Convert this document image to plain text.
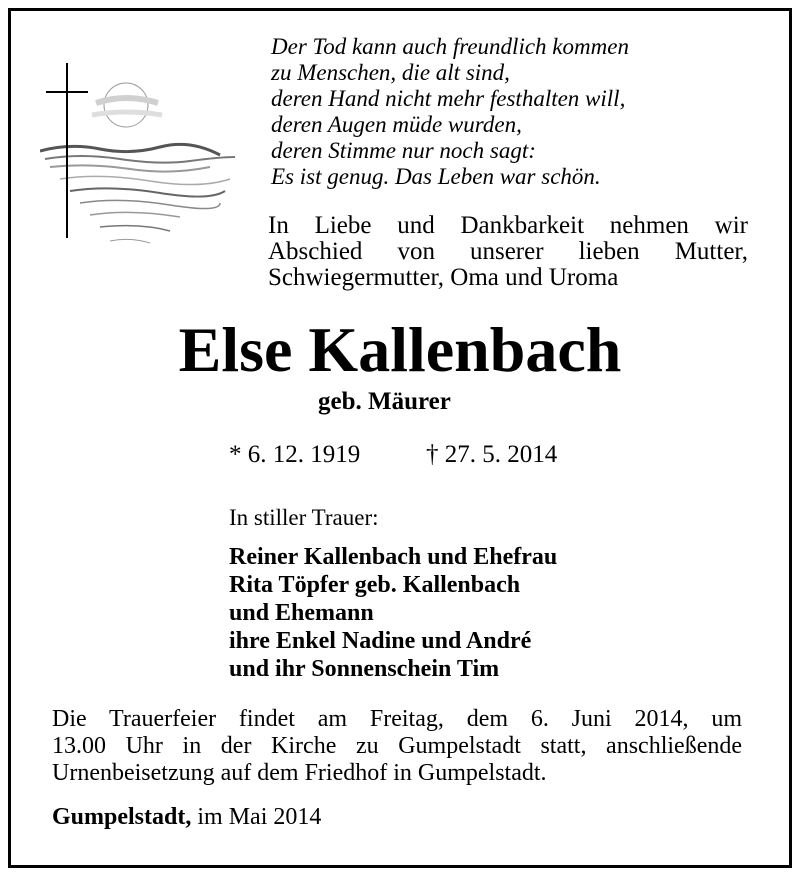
Der Tod kann auch freundlich kommen
zu Menschen, die alt sind,
deren Hand nicht mehr festhalten will,
deren Augen müde wurden,
deren Stimme nur noch sagt:
Es ist genug. Das Leben war schön.
In Liebe und Dankbarkeit nehmen wir
Abschied von unserer lieben Mutter,
Schwiegermutter, Oma und Uroma
Else Kallenbach
geb. Mäurer
* 6. 12. 1919	† 27. 5. 2014
In stiller Trauer:
Reiner Kallenbach und Ehefrau
Rita Töpfer geb. Kallenbach
und Ehemann
ihre Enkel Nadine und André
und ihr Sonnenschein Tim
Die Trauerfeier findet am Freitag, dem 6. Juni 2014, um
13.00 Uhr in der Kirche zu Gumpelstadt statt, anschließende
Urnenbeisetzung auf dem Friedhof in Gumpelstadt.
Gumpelstadt, im Mai 2014
